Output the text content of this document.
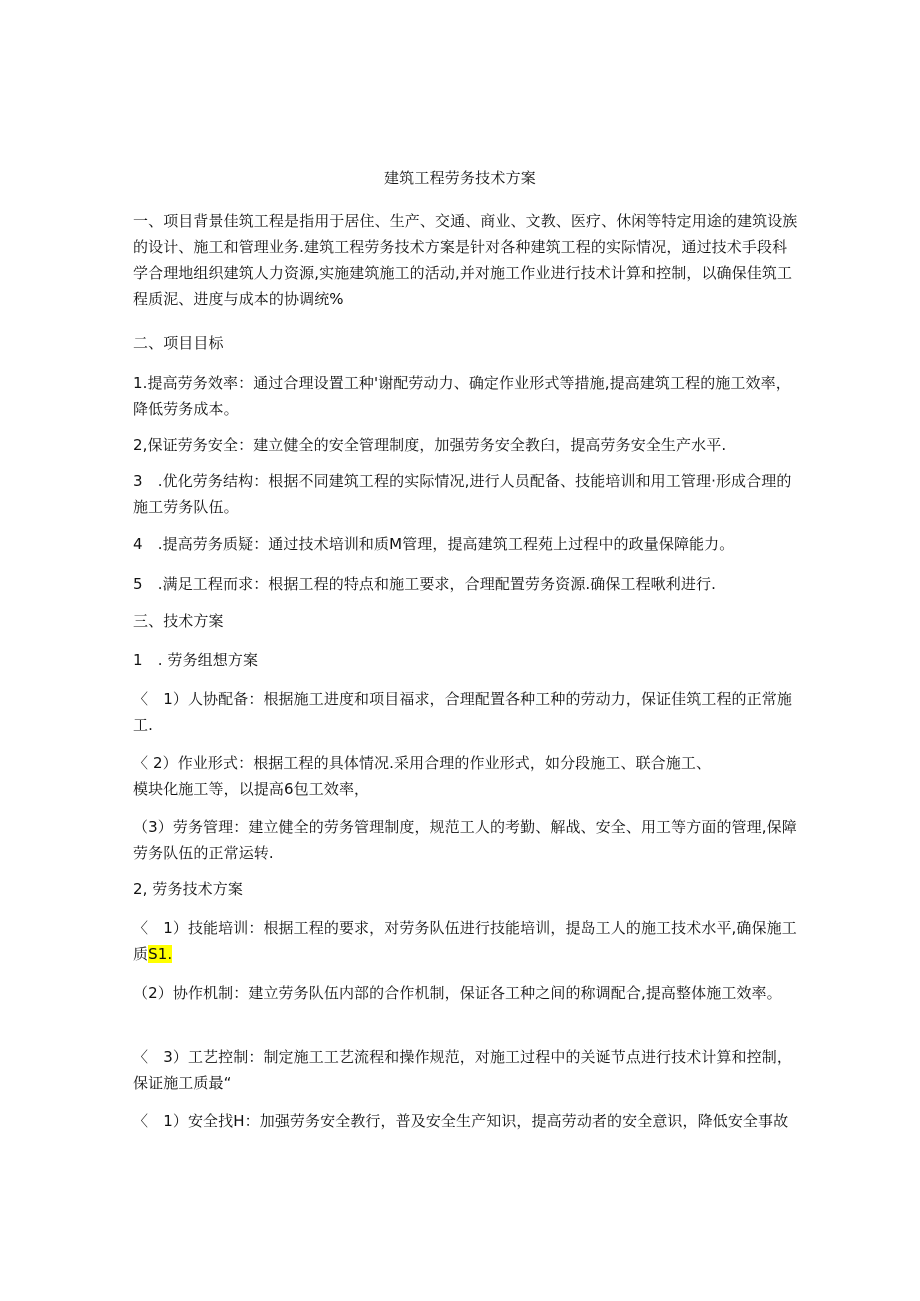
建筑工程劳务技术方案

一、项目背景佳筑工程是指用于居住、生产、交通、商业、文教、医疗、休闲等特定用途的建筑设族的设计、施工和管理业务.建筑工程劳务技术方案是针对各种建筑工程的实际情况，通过技术手段科学合理地组织建筑人力资源,实施建筑施工的活动,并对施工作业进行技术计算和控制，以确保佳筑工程质泥、进度与成本的协调统%

二、项目目标

1.提高劳务效率：通过合理设置工种'谢配劳动力、确定作业形式等措施,提高建筑工程的施工效率，降低劳务成本。

2,保证劳务安全：建立健全的安全管理制度，加强劳务安全教臼，提高劳务安全生产水平.

3　.优化劳务结构：根据不同建筑工程的实际情况,进行人员配备、技能培训和用工管理·形成合理的施工劳务队伍。

4　.提高劳务质疑：通过技术培训和质M管理，提高建筑工程苑上过程中的政量保障能力。

5　.满足工程而求：根据工程的特点和施工要求，合理配置劳务资源.确保工程啾利进行.

三、技术方案

1　. 劳务组想方案

〈　1）人协配备：根据施工进度和项目福求，合理配置各种工种的劳动力，保证佳筑工程的正常施工.

〈 2）作业形式：根据工程的具体情况.采用合理的作业形式，如分段施工、联合施工、

模块化施工等，以提高6包工效率，

（3）劳务管理：建立健全的劳务管理制度，规范工人的考勤、解战、安全、用工等方面的管理,保障劳务队伍的正常运转.

2, 劳务技术方案

〈　1）技能培训：根据工程的要求，对劳务队伍进行技能培训，提岛工人的施工技术水平,确保施工质S1.

（2）协作机制：建立劳务队伍内部的合作机制，保证各工种之间的称调配合,提高整体施工效率。

〈　3）工艺控制：制定施工工艺流程和操作规范，对施工过程中的关诞节点进行技术计算和控制，保证施工质最“

〈　1）安全找H：加强劳务安全教行，普及安全生产知识，提高劳动者的安全意识，降低安全事故
